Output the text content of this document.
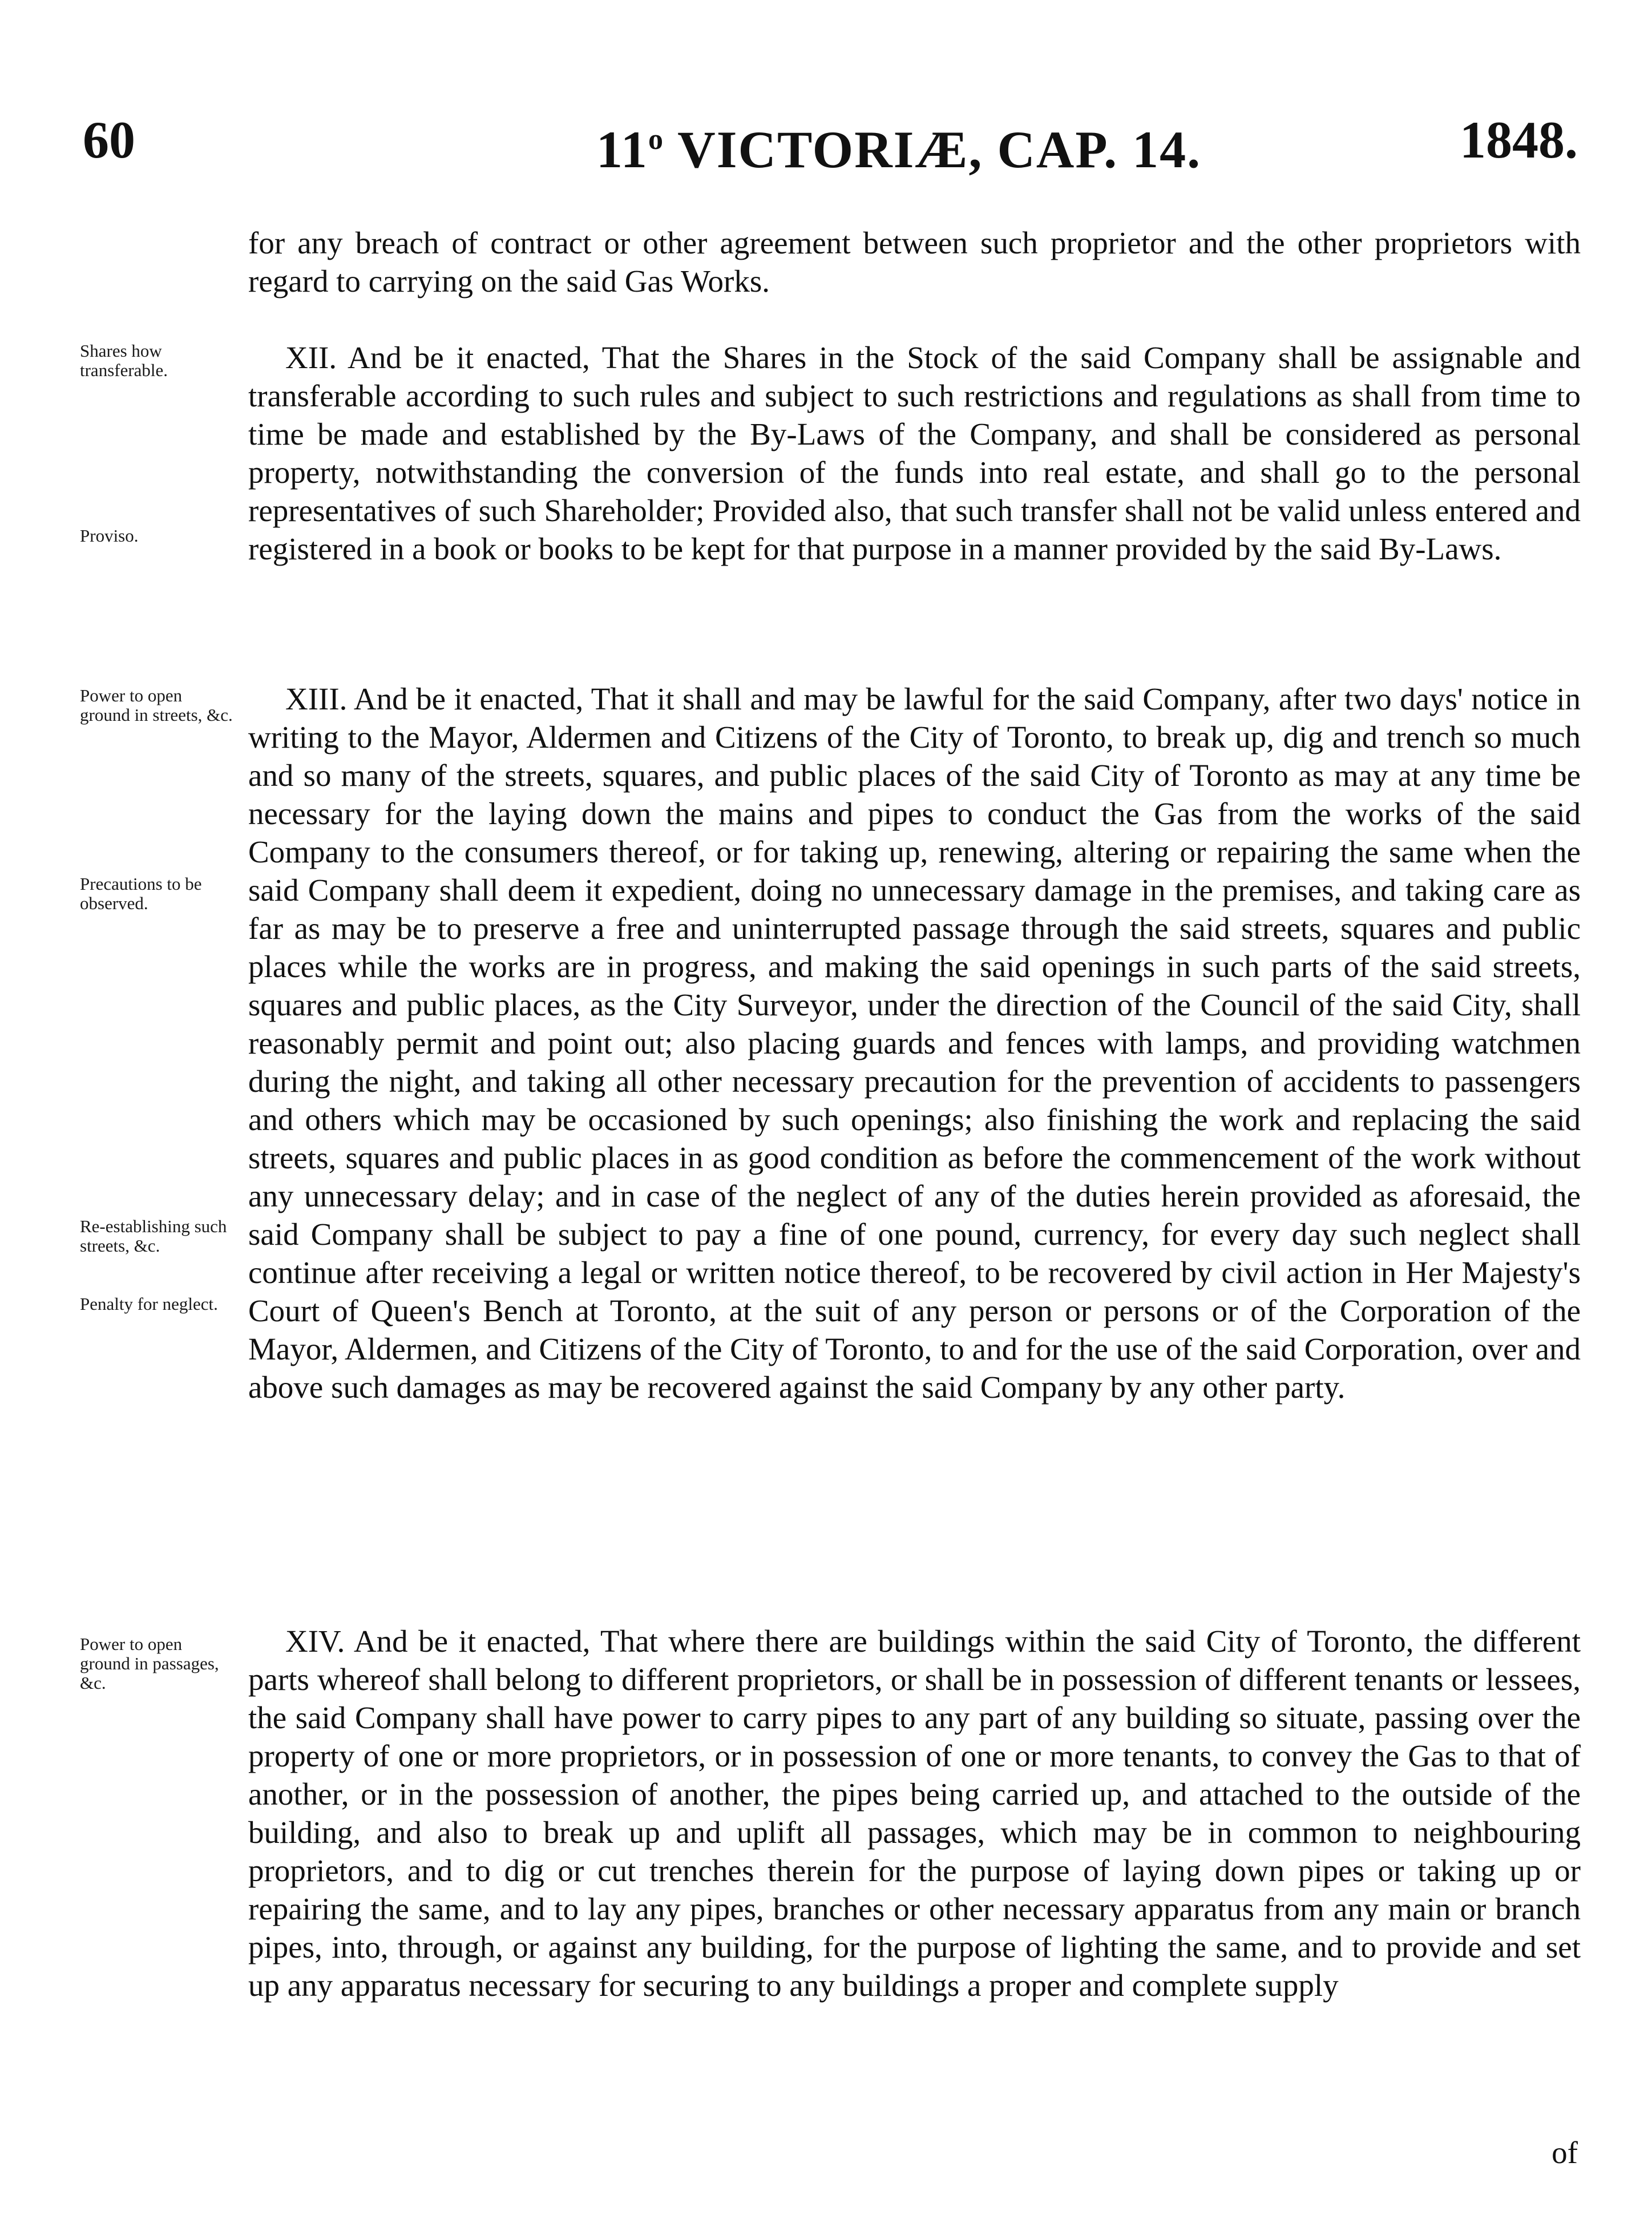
60	11$^o$ VICTORIÆ, CAP. 14.	1848.

for any breach of contract or other agreement between such proprietor and the other proprietors with regard to carrying on the said Gas Works.

XII. And be it enacted, That the Shares in the Stock of the said Company shall be assignable and transferable according to such rules and subject to such restrictions and regulations as shall from time to time be made and established by the By-Laws of the Company, and shall be considered as personal property, notwithstanding the conversion of the funds into real estate, and shall go to the personal representatives of such Shareholder; Provided also, that such transfer shall not be valid unless entered and registered in a book or books to be kept for that purpose in a manner provided by the said By-Laws.

XIII. And be it enacted, That it shall and may be lawful for the said Company, after two days' notice in writing to the Mayor, Aldermen and Citizens of the City of Toronto, to break up, dig and trench so much and so many of the streets, squares, and public places of the said City of Toronto as may at any time be necessary for the laying down the mains and pipes to conduct the Gas from the works of the said Company to the consumers thereof, or for taking up, renewing, altering or repairing the same when the said Company shall deem it expedient, doing no unnecessary damage in the premises, and taking care as far as may be to preserve a free and uninterrupted passage through the said streets, squares and public places while the works are in progress, and making the said openings in such parts of the said streets, squares and public places, as the City Surveyor, under the direction of the Council of the said City, shall reasonably permit and point out; also placing guards and fences with lamps, and providing watchmen during the night, and taking all other necessary precaution for the prevention of accidents to passengers and others which may be occasioned by such openings; also finishing the work and replacing the said streets, squares and public places in as good condition as before the commencement of the work without any unnecessary delay; and in case of the neglect of any of the duties herein provided as aforesaid, the said Company shall be subject to pay a fine of one pound, currency, for every day such neglect shall continue after receiving a legal or written notice thereof, to be recovered by civil action in Her Majesty's Court of Queen's Bench at Toronto, at the suit of any person or persons or of the Corporation of the Mayor, Aldermen, and Citizens of the City of Toronto, to and for the use of the said Corporation, over and above such damages as may be recovered against the said Company by any other party.

XIV. And be it enacted, That where there are buildings within the said City of Toronto, the different parts whereof shall belong to different proprietors, or shall be in possession of different tenants or lessees, the said Company shall have power to carry pipes to any part of any building so situate, passing over the property of one or more proprietors, or in possession of one or more tenants, to convey the Gas to that of another, or in the possession of another, the pipes being carried up, and attached to the outside of the building, and also to break up and uplift all passages, which may be in common to neighbouring proprietors, and to dig or cut trenches therein for the purpose of laying down pipes or taking up or repairing the same, and to lay any pipes, branches or other necessary apparatus from any main or branch pipes, into, through, or against any building, for the purpose of lighting the same, and to provide and set up any apparatus necessary for securing to any buildings a proper and complete supply

of
Shares how transferable.
Proviso.
Power to open ground in streets, &c.
Precautions to be observed.
Re-establishing such streets, &c.
Penalty for neglect.
Power to open ground in passages, &c.
